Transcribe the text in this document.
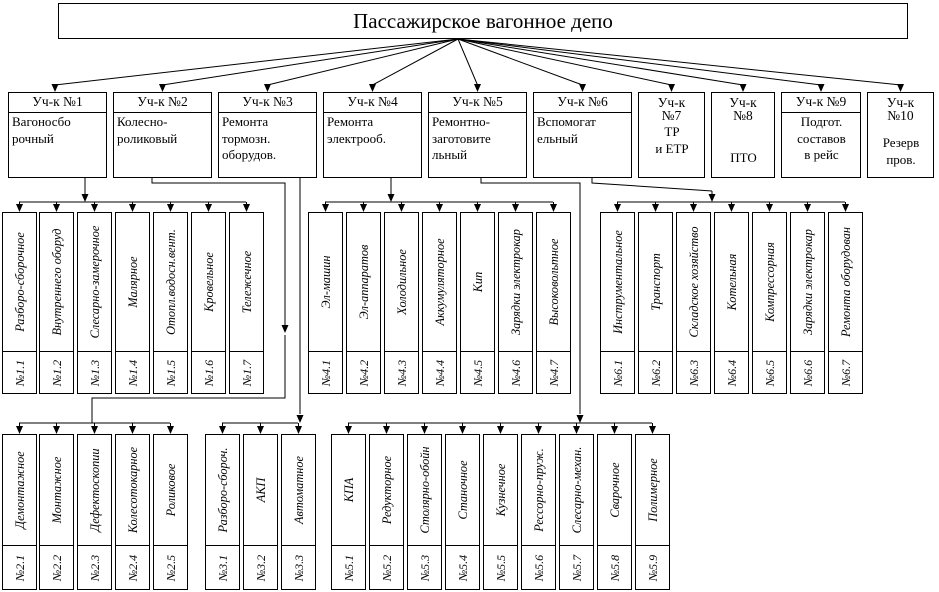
Пассажирское вагонное депо
Уч-к №1
Вагоносбо
рочный
Уч-к №2
Колесно-
роликовый
Уч-к №3
Ремонта
тормозн.
оборудов.
Уч-к №4
Ремонта
электрооб.
Уч-к №5
Ремонтно-
заготовите
льный
Уч-к №6
Вспомогат
ельный
Уч-к
№7
ТР
и ЕТР
Уч-к
№8
ПТО
Уч-к №9
Подгот.
составов
в рейс
Уч-к
№10
Резерв
пров.
Разборо-сборочное
№1.1
Внутреннего оборуд
№1.2
Слесарно-замерочное
№1.3
Малярное
№1.4
Отопл.водосн.вент.
№1.5
Кровельное
№1.6
Тележечное
№1.7
Эл-машин
№4.1
Эл-аппаратов
№4.2
Холодильное
№4.3
Аккумуляторное
№4.4
Кип
№4.5
Зарядки электрокар
№4.6
Высоковольтное
№4.7
Инструментальное
№6.1
Транспорт
№6.2
Складское хозяйство
№6.3
Котельная
№6.4
Компрессорная
№6.5
Зарядки электрокар
№6.6
Ремонта оборудован
№6.7
Демонтажное
№2.1
Монтажное
№2.2
Дефектоскопии
№2.3
Колесотокарное
№2.4
Роликовое
№2.5
Разборо-сбороч.
№3.1
АКП
№3.2
Автоматное
№3.3
КПА
№5.1
Редукторное
№5.2
Столярно-обойн
№5.3
Станочное
№5.4
Кузнечное
№5.5
Рессорно-пруж.
№5.6
Слесарно-механ.
№5.7
Сварочное
№5.8
Полимерное
№5.9
